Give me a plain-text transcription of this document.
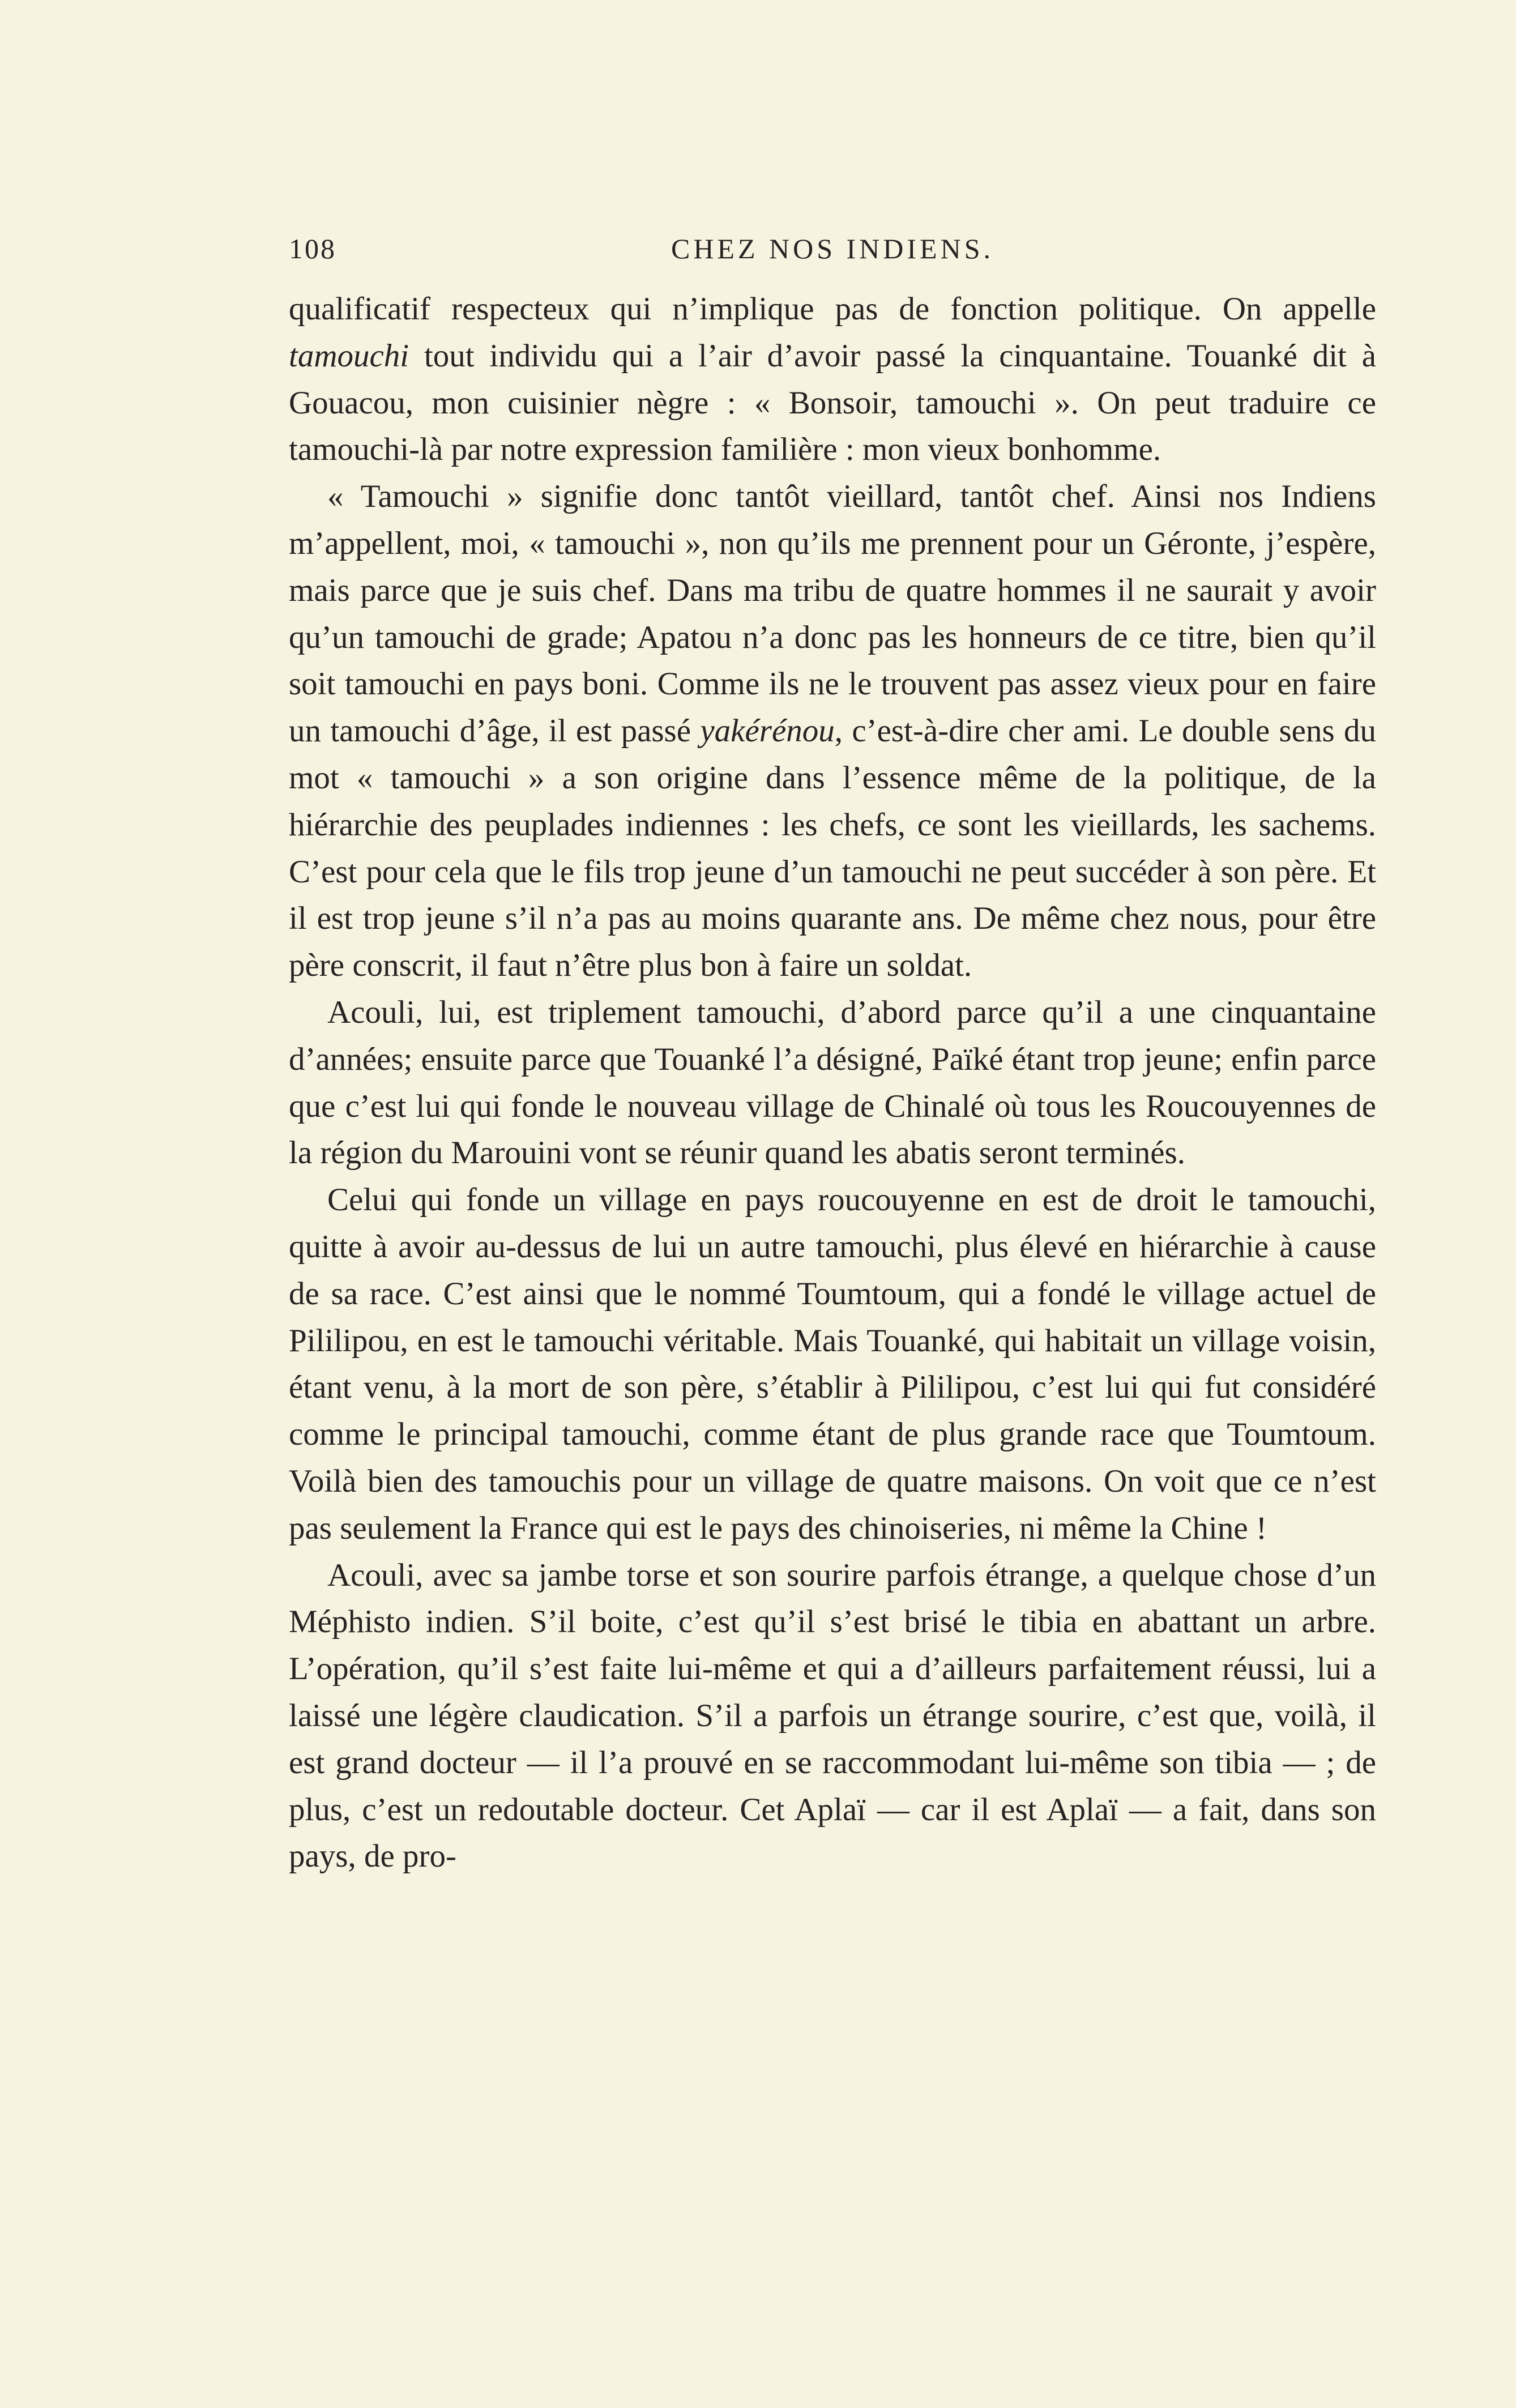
108	CHEZ NOS INDIENS.

qualificatif respecteux qui n’implique pas de fonction politique. On appelle tamouchi tout individu qui a l’air d’avoir passé la cinquantaine. Touanké dit à Gouacou, mon cuisinier nègre : « Bonsoir, tamouchi ». On peut traduire ce tamouchi-là par notre expression familière : mon vieux bonhomme.

« Tamouchi » signifie donc tantôt vieillard, tantôt chef. Ainsi nos Indiens m’appellent, moi, « tamouchi », non qu’ils me prennent pour un Géronte, j’espère, mais parce que je suis chef. Dans ma tribu de quatre hommes il ne saurait y avoir qu’un tamouchi de grade; Apatou n’a donc pas les honneurs de ce titre, bien qu’il soit tamouchi en pays boni. Comme ils ne le trouvent pas assez vieux pour en faire un tamouchi d’âge, il est passé yakérénou, c’est-à-dire cher ami. Le double sens du mot « tamouchi » a son origine dans l’essence même de la politique, de la hiérarchie des peuplades indiennes : les chefs, ce sont les vieillards, les sachems. C’est pour cela que le fils trop jeune d’un tamouchi ne peut succéder à son père. Et il est trop jeune s’il n’a pas au moins quarante ans. De même chez nous, pour être père conscrit, il faut n’être plus bon à faire un soldat.

Acouli, lui, est triplement tamouchi, d’abord parce qu’il a une cinquantaine d’années; ensuite parce que Touanké l’a désigné, Païké étant trop jeune; enfin parce que c’est lui qui fonde le nouveau village de Chinalé où tous les Roucouyennes de la région du Marouini vont se réunir quand les abatis seront terminés.

Celui qui fonde un village en pays roucouyenne en est de droit le tamouchi, quitte à avoir au-dessus de lui un autre tamouchi, plus élevé en hiérarchie à cause de sa race. C’est ainsi que le nommé Toumtoum, qui a fondé le village actuel de Pililipou, en est le tamouchi véritable. Mais Touanké, qui habitait un village voisin, étant venu, à la mort de son père, s’établir à Pililipou, c’est lui qui fut considéré comme le principal tamouchi, comme étant de plus grande race que Toumtoum. Voilà bien des tamouchis pour un village de quatre maisons. On voit que ce n’est pas seulement la France qui est le pays des chinoiseries, ni même la Chine !

Acouli, avec sa jambe torse et son sourire parfois étrange, a quelque chose d’un Méphisto indien. S’il boite, c’est qu’il s’est brisé le tibia en abattant un arbre. L’opération, qu’il s’est faite lui-même et qui a d’ailleurs parfaitement réussi, lui a laissé une légère claudication. S’il a parfois un étrange sourire, c’est que, voilà, il est grand docteur — il l’a prouvé en se raccommodant lui-même son tibia — ; de plus, c’est un redoutable docteur. Cet Aplaï — car il est Aplaï — a fait, dans son pays, de pro-
